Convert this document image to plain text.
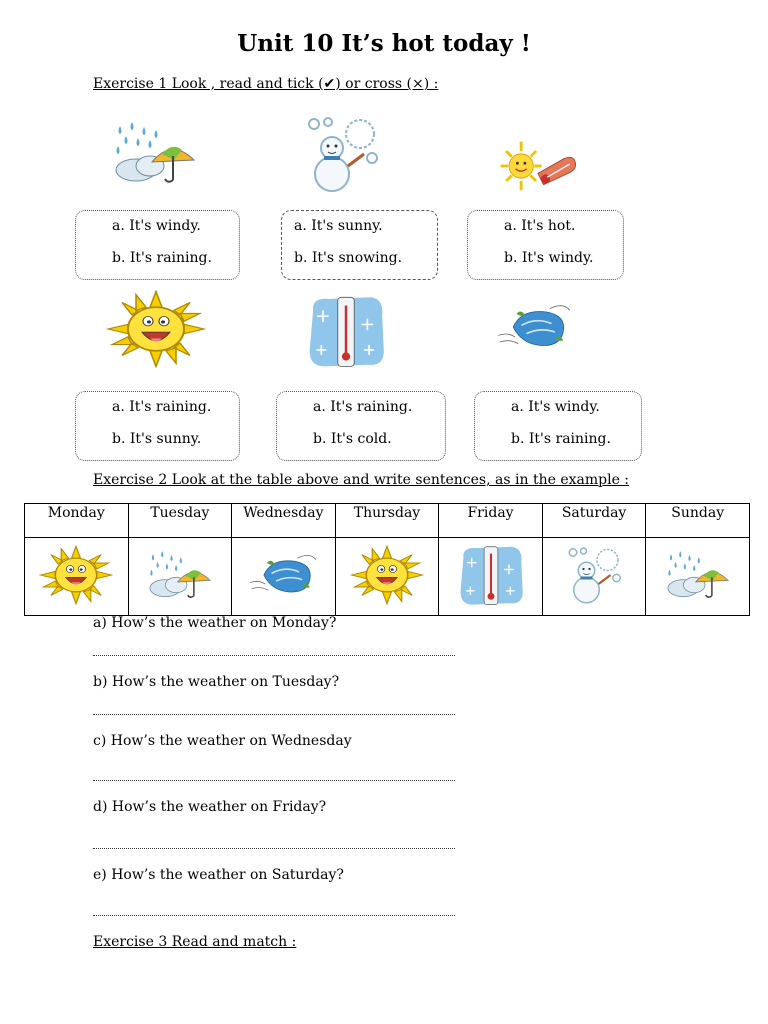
Unit 10 It’s hot today !
Exercise 1 Look , read and tick (✔) or cross (×) :
a. It's windy.
b. It's raining.
a. It's sunny.
b. It's snowing.
a. It's hot.
b. It's windy.
a. It's raining.
b. It's sunny.
a. It's raining.
b. It's cold.
a. It's windy.
b. It's raining.
Exercise 2 Look at the table above and write sentences, as in the example :
Monday	Tuesday	Wednesday	Thursday	Friday	Saturday	Sunday

a) How’s the weather on Monday?
b) How’s the weather on Tuesday?
c) How’s the weather on Wednesday
d) How’s the weather on Friday?
e) How’s the weather on Saturday?
Exercise 3 Read and match :
